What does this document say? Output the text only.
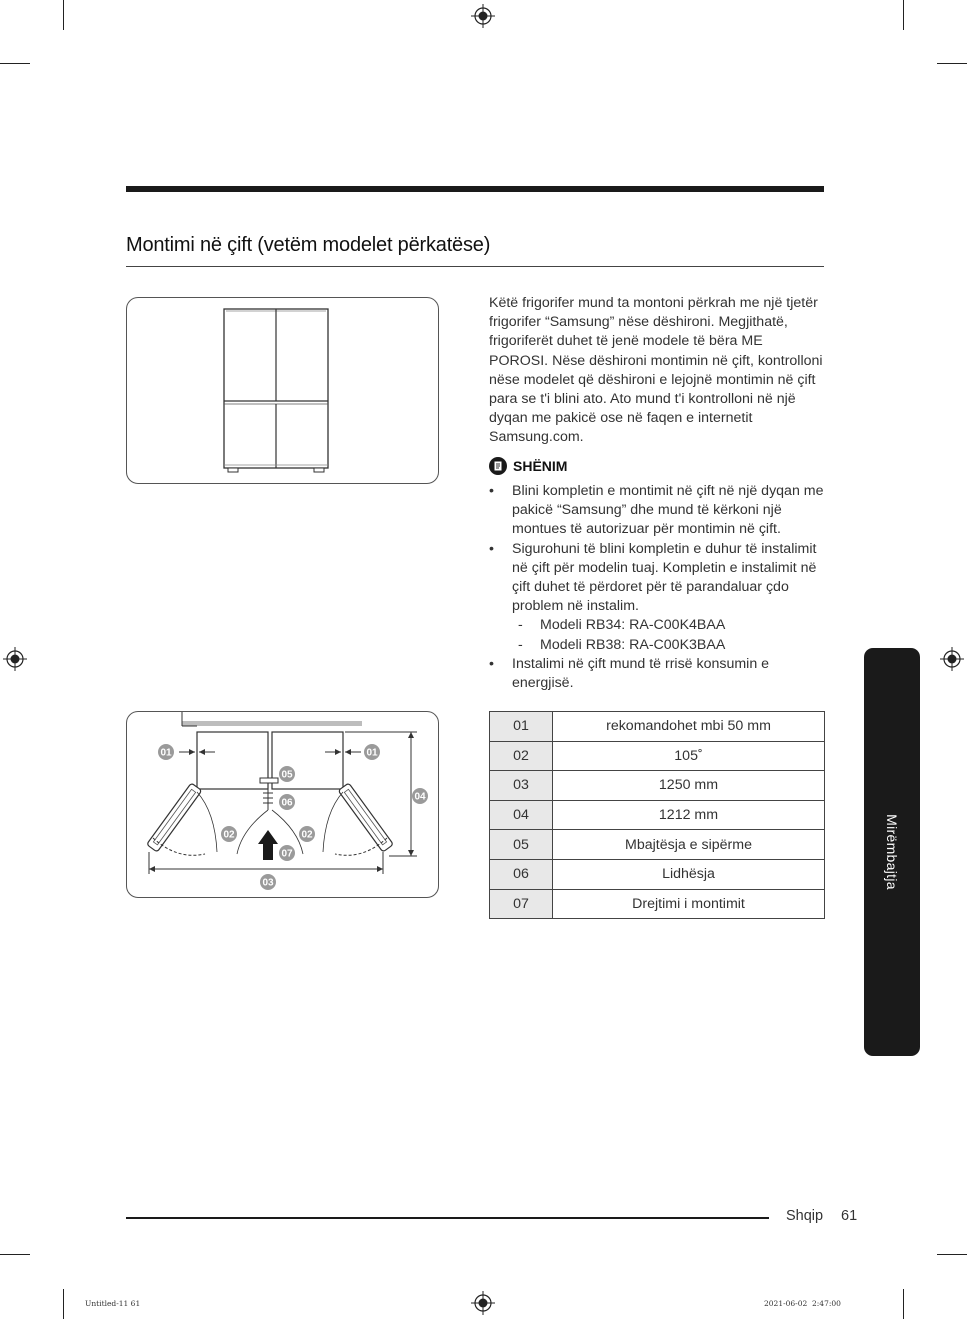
Montimi në çift (vetëm modelet përkatëse)
Këtë frigorifer mund ta montoni përkrah me një tjetër frigorifer “Samsung” nëse dëshironi. Megjithatë, frigoriferët duhet të jenë modele të bëra ME POROSI. Nëse dëshironi montimin në çift, kontrolloni nëse modelet që dëshironi e lejojnë montimin në çift para se t'i blini ato. Ato mund t'i kontrolloni në një dyqan me pakicë ose në faqen e internetit Samsung.com.
SHËNIM
• Blini kompletin e montimit në çift në një dyqan me pakicë “Samsung” dhe mund të kërkoni një montues të autorizuar për montimin në çift.
• Sigurohuni të blini kompletin e duhur të instalimit në çift për modelin tuaj. Kompletin e instalimit në çift duhet të përdoret për të parandaluar çdo problem në instalim.
- Modeli RB34: RA-C00K4BAA
- Modeli RB38: RA-C00K3BAA
• Instalimi në çift mund të rrisë konsumin e energjisë.
01	01
05
06
02	02
07
04
03
01	rekomandohet mbi 50 mm
02	105˚
03	1250 mm
04	1212 mm
05	Mbajtësja e sipërme
06	Lidhësja
07	Drejtimi i montimit
Mirëmbajtja
Shqip 61
Untitled-11 61	2021-06-02 ￼￼ 2:47:00
